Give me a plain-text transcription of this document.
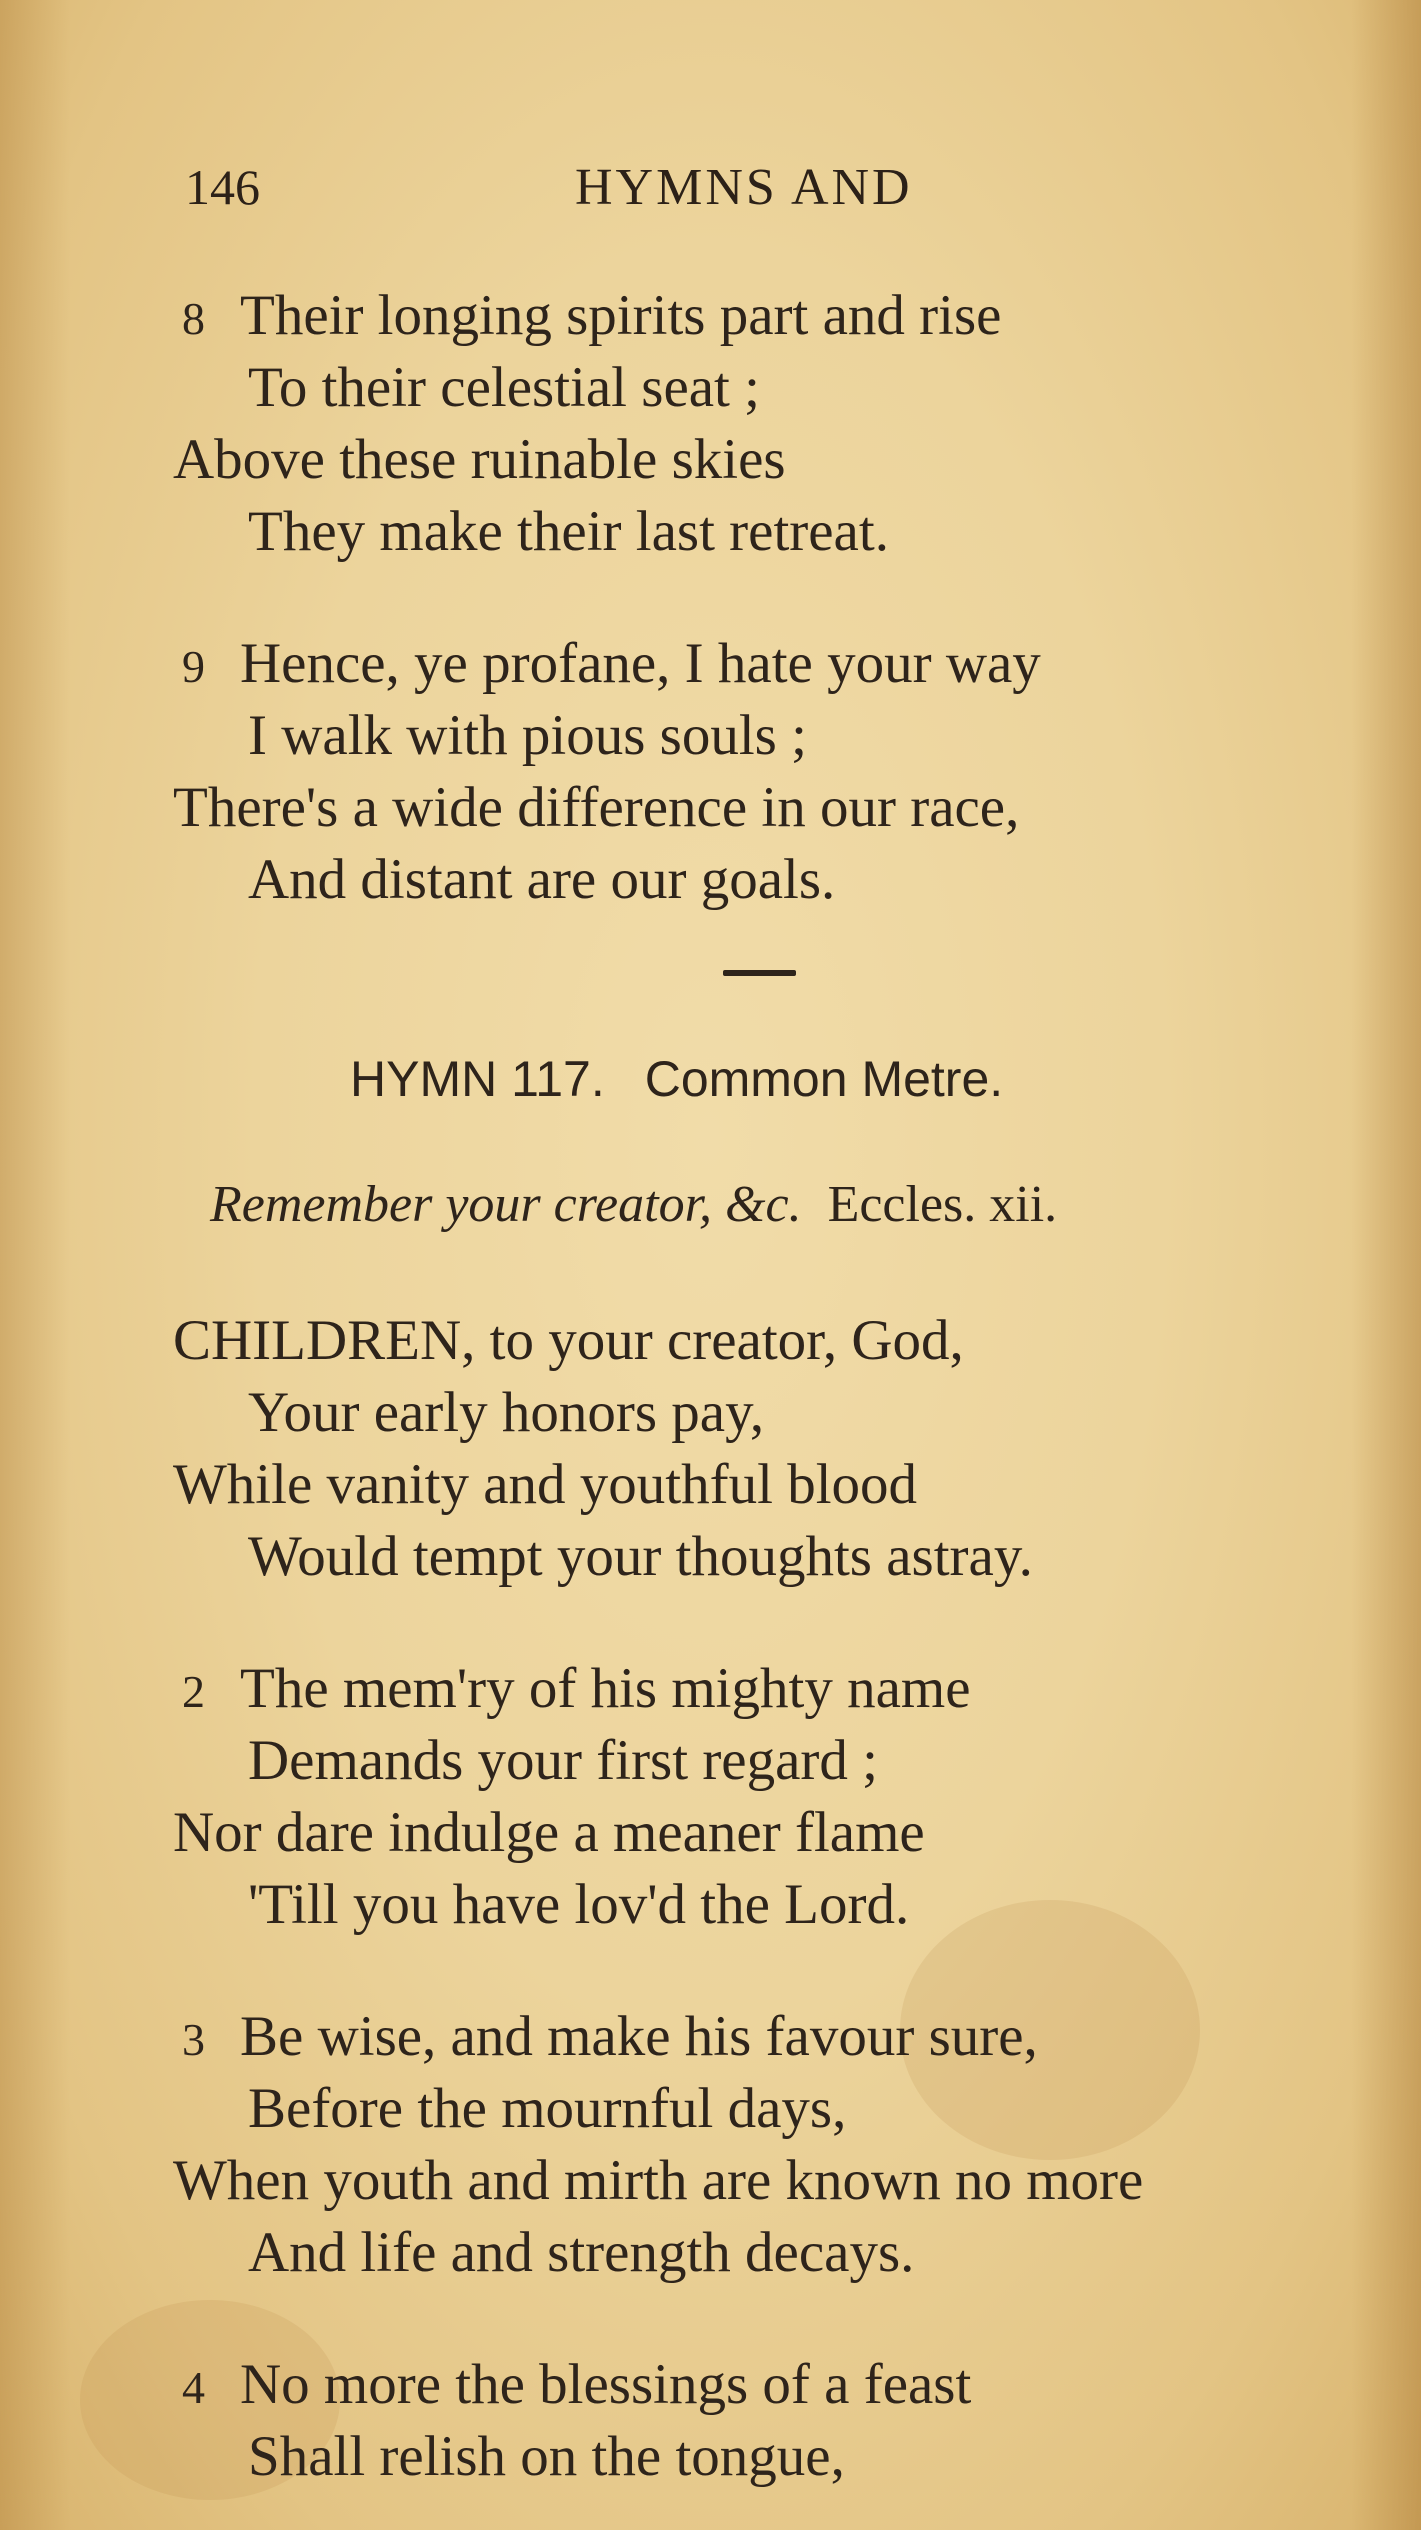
146	HYMNS AND
8 Their longing spirits part and rise
To their celestial seat ;
Above these ruinable skies
They make their last retreat.
9 Hence, ye profane, I hate your way
I walk with pious souls ;
There's a wide difference in our race,
And distant are our goals.
HYMN 117. Common Metre.
Remember your creator, &c. Eccles. xii.
CHILDREN, to your creator, God,
Your early honors pay,
While vanity and youthful blood
Would tempt your thoughts astray.
2 The mem'ry of his mighty name
Demands your first regard ;
Nor dare indulge a meaner flame
'Till you have lov'd the Lord.
3 Be wise, and make his favour sure,
Before the mournful days,
When youth and mirth are known no more
And life and strength decays.
4 No more the blessings of a feast
Shall relish on the tongue,
